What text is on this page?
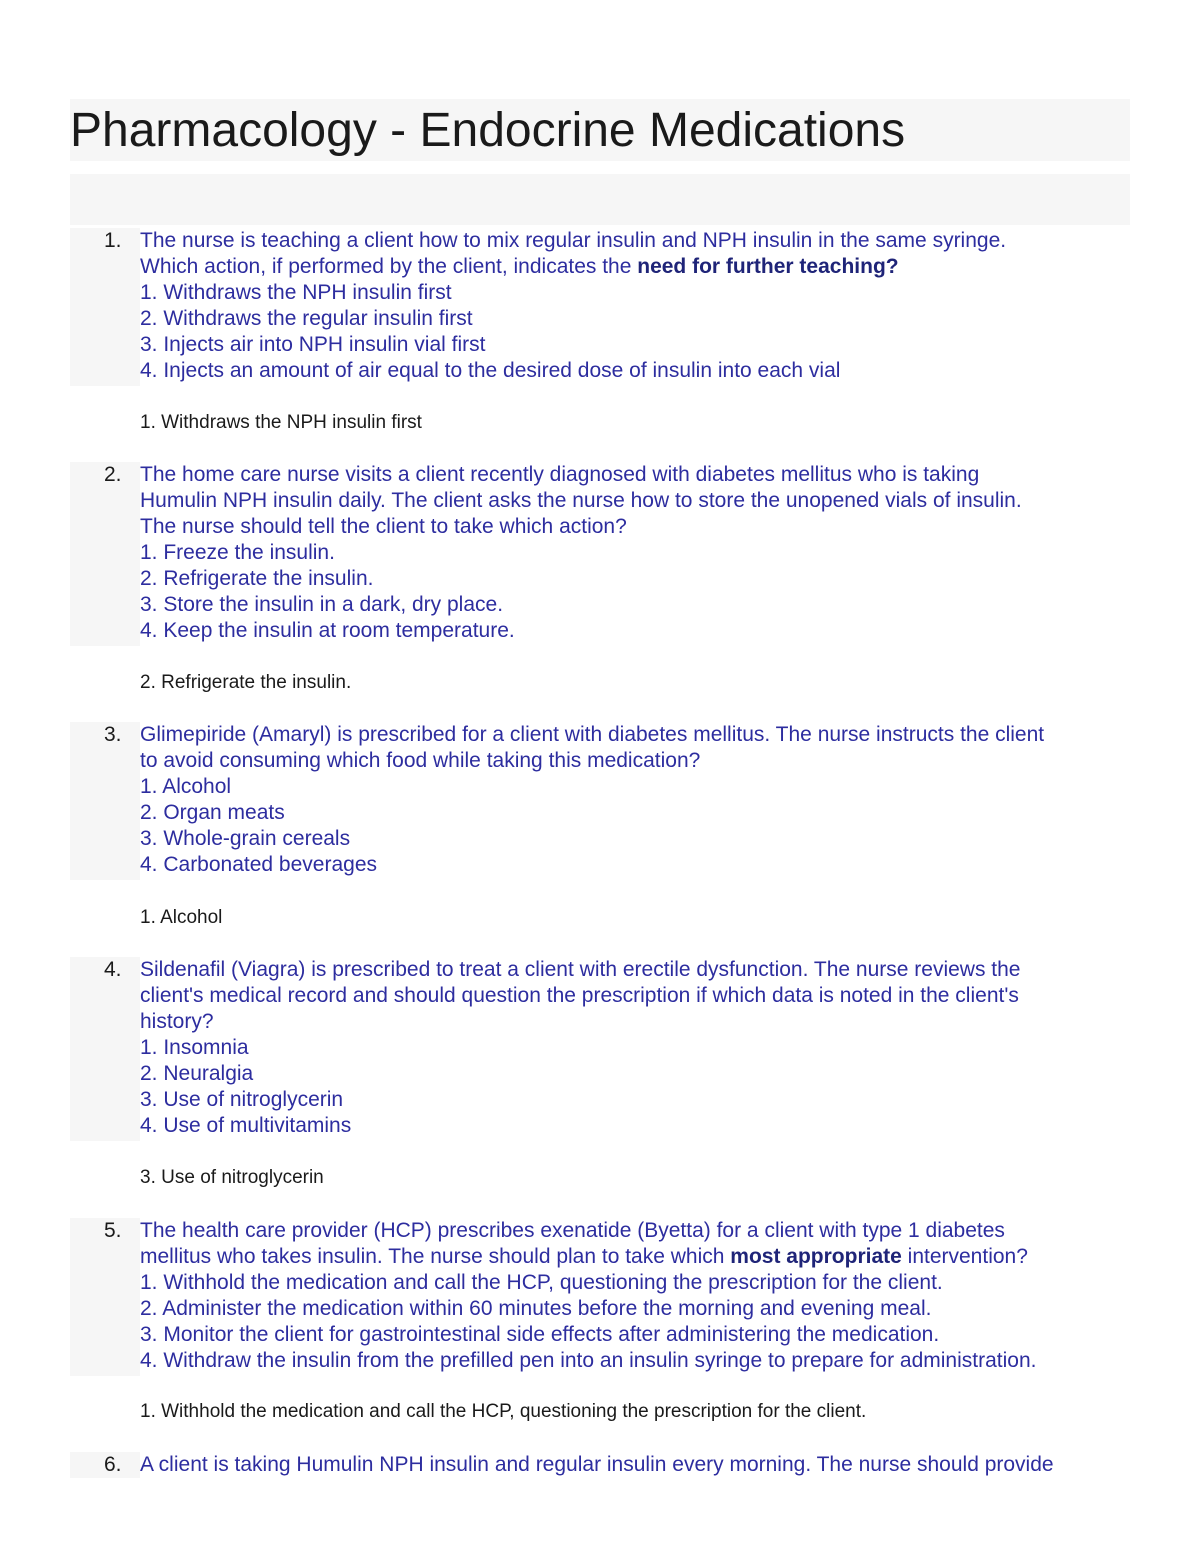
Pharmacology - Endocrine Medications
1. The nurse is teaching a client how to mix regular insulin and NPH insulin in the same syringe.
Which action, if performed by the client, indicates the need for further teaching?
1. Withdraws the NPH insulin first
2. Withdraws the regular insulin first
3. Injects air into NPH insulin vial first
4. Injects an amount of air equal to the desired dose of insulin into each vial
1. Withdraws the NPH insulin first
2. The home care nurse visits a client recently diagnosed with diabetes mellitus who is taking
Humulin NPH insulin daily. The client asks the nurse how to store the unopened vials of insulin.
The nurse should tell the client to take which action?
1. Freeze the insulin.
2. Refrigerate the insulin.
3. Store the insulin in a dark, dry place.
4. Keep the insulin at room temperature.
2. Refrigerate the insulin.
3. Glimepiride (Amaryl) is prescribed for a client with diabetes mellitus. The nurse instructs the client
to avoid consuming which food while taking this medication?
1. Alcohol
2. Organ meats
3. Whole-grain cereals
4. Carbonated beverages
1. Alcohol
4. Sildenafil (Viagra) is prescribed to treat a client with erectile dysfunction. The nurse reviews the
client's medical record and should question the prescription if which data is noted in the client's
history?
1. Insomnia
2. Neuralgia
3. Use of nitroglycerin
4. Use of multivitamins
3. Use of nitroglycerin
5. The health care provider (HCP) prescribes exenatide (Byetta) for a client with type 1 diabetes
mellitus who takes insulin. The nurse should plan to take which most appropriate intervention?
1. Withhold the medication and call the HCP, questioning the prescription for the client.
2. Administer the medication within 60 minutes before the morning and evening meal.
3. Monitor the client for gastrointestinal side effects after administering the medication.
4. Withdraw the insulin from the prefilled pen into an insulin syringe to prepare for administration.
1. Withhold the medication and call the HCP, questioning the prescription for the client.
6. A client is taking Humulin NPH insulin and regular insulin every morning. The nurse should provide
